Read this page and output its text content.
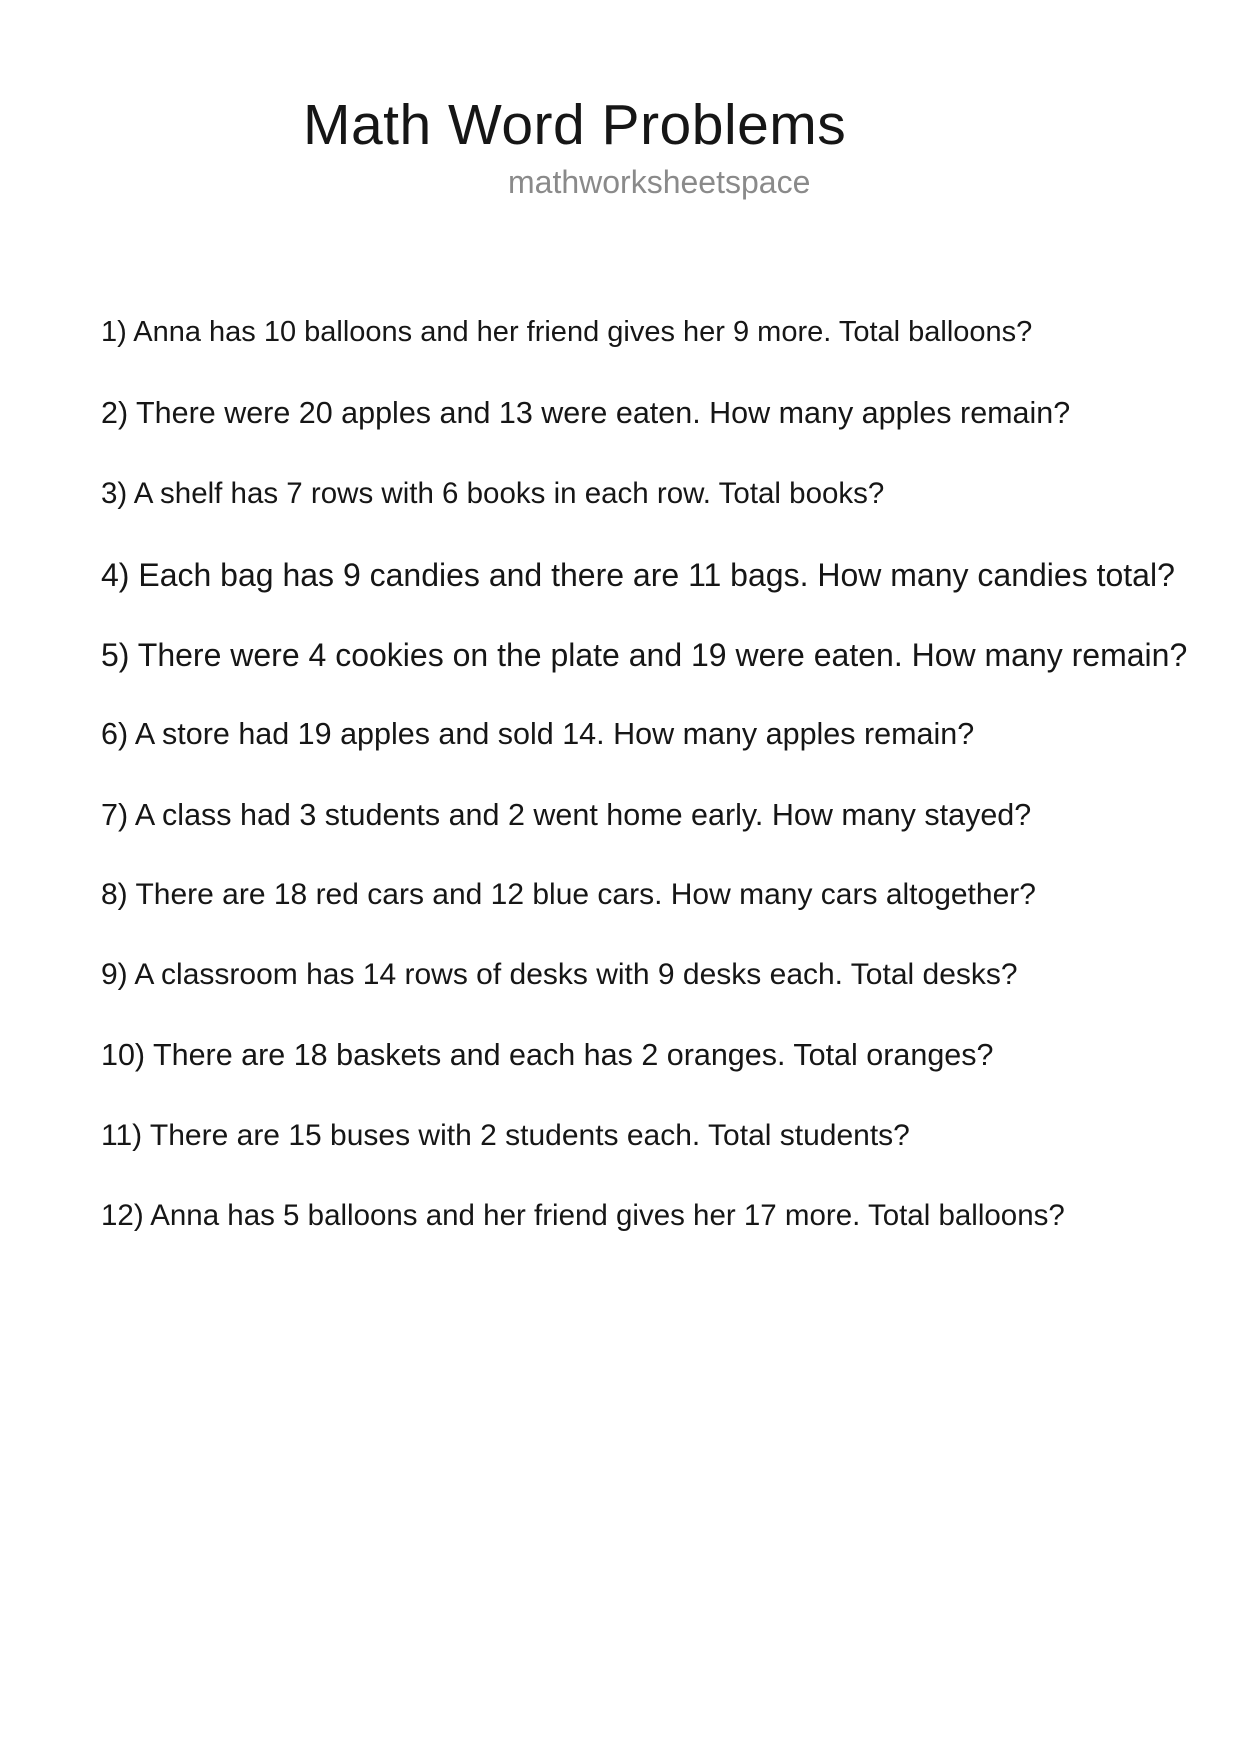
Math Word Problems
mathworksheetspace
1) Anna has 10 balloons and her friend gives her 9 more. Total balloons?
2) There were 20 apples and 13 were eaten. How many apples remain?
3) A shelf has 7 rows with 6 books in each row. Total books?
4) Each bag has 9 candies and there are 11 bags. How many candies total?
5) There were 4 cookies on the plate and 19 were eaten. How many remain?
6) A store had 19 apples and sold 14. How many apples remain?
7) A class had 3 students and 2 went home early. How many stayed?
8) There are 18 red cars and 12 blue cars. How many cars altogether?
9) A classroom has 14 rows of desks with 9 desks each. Total desks?
10) There are 18 baskets and each has 2 oranges. Total oranges?
11) There are 15 buses with 2 students each. Total students?
12) Anna has 5 balloons and her friend gives her 17 more. Total balloons?
